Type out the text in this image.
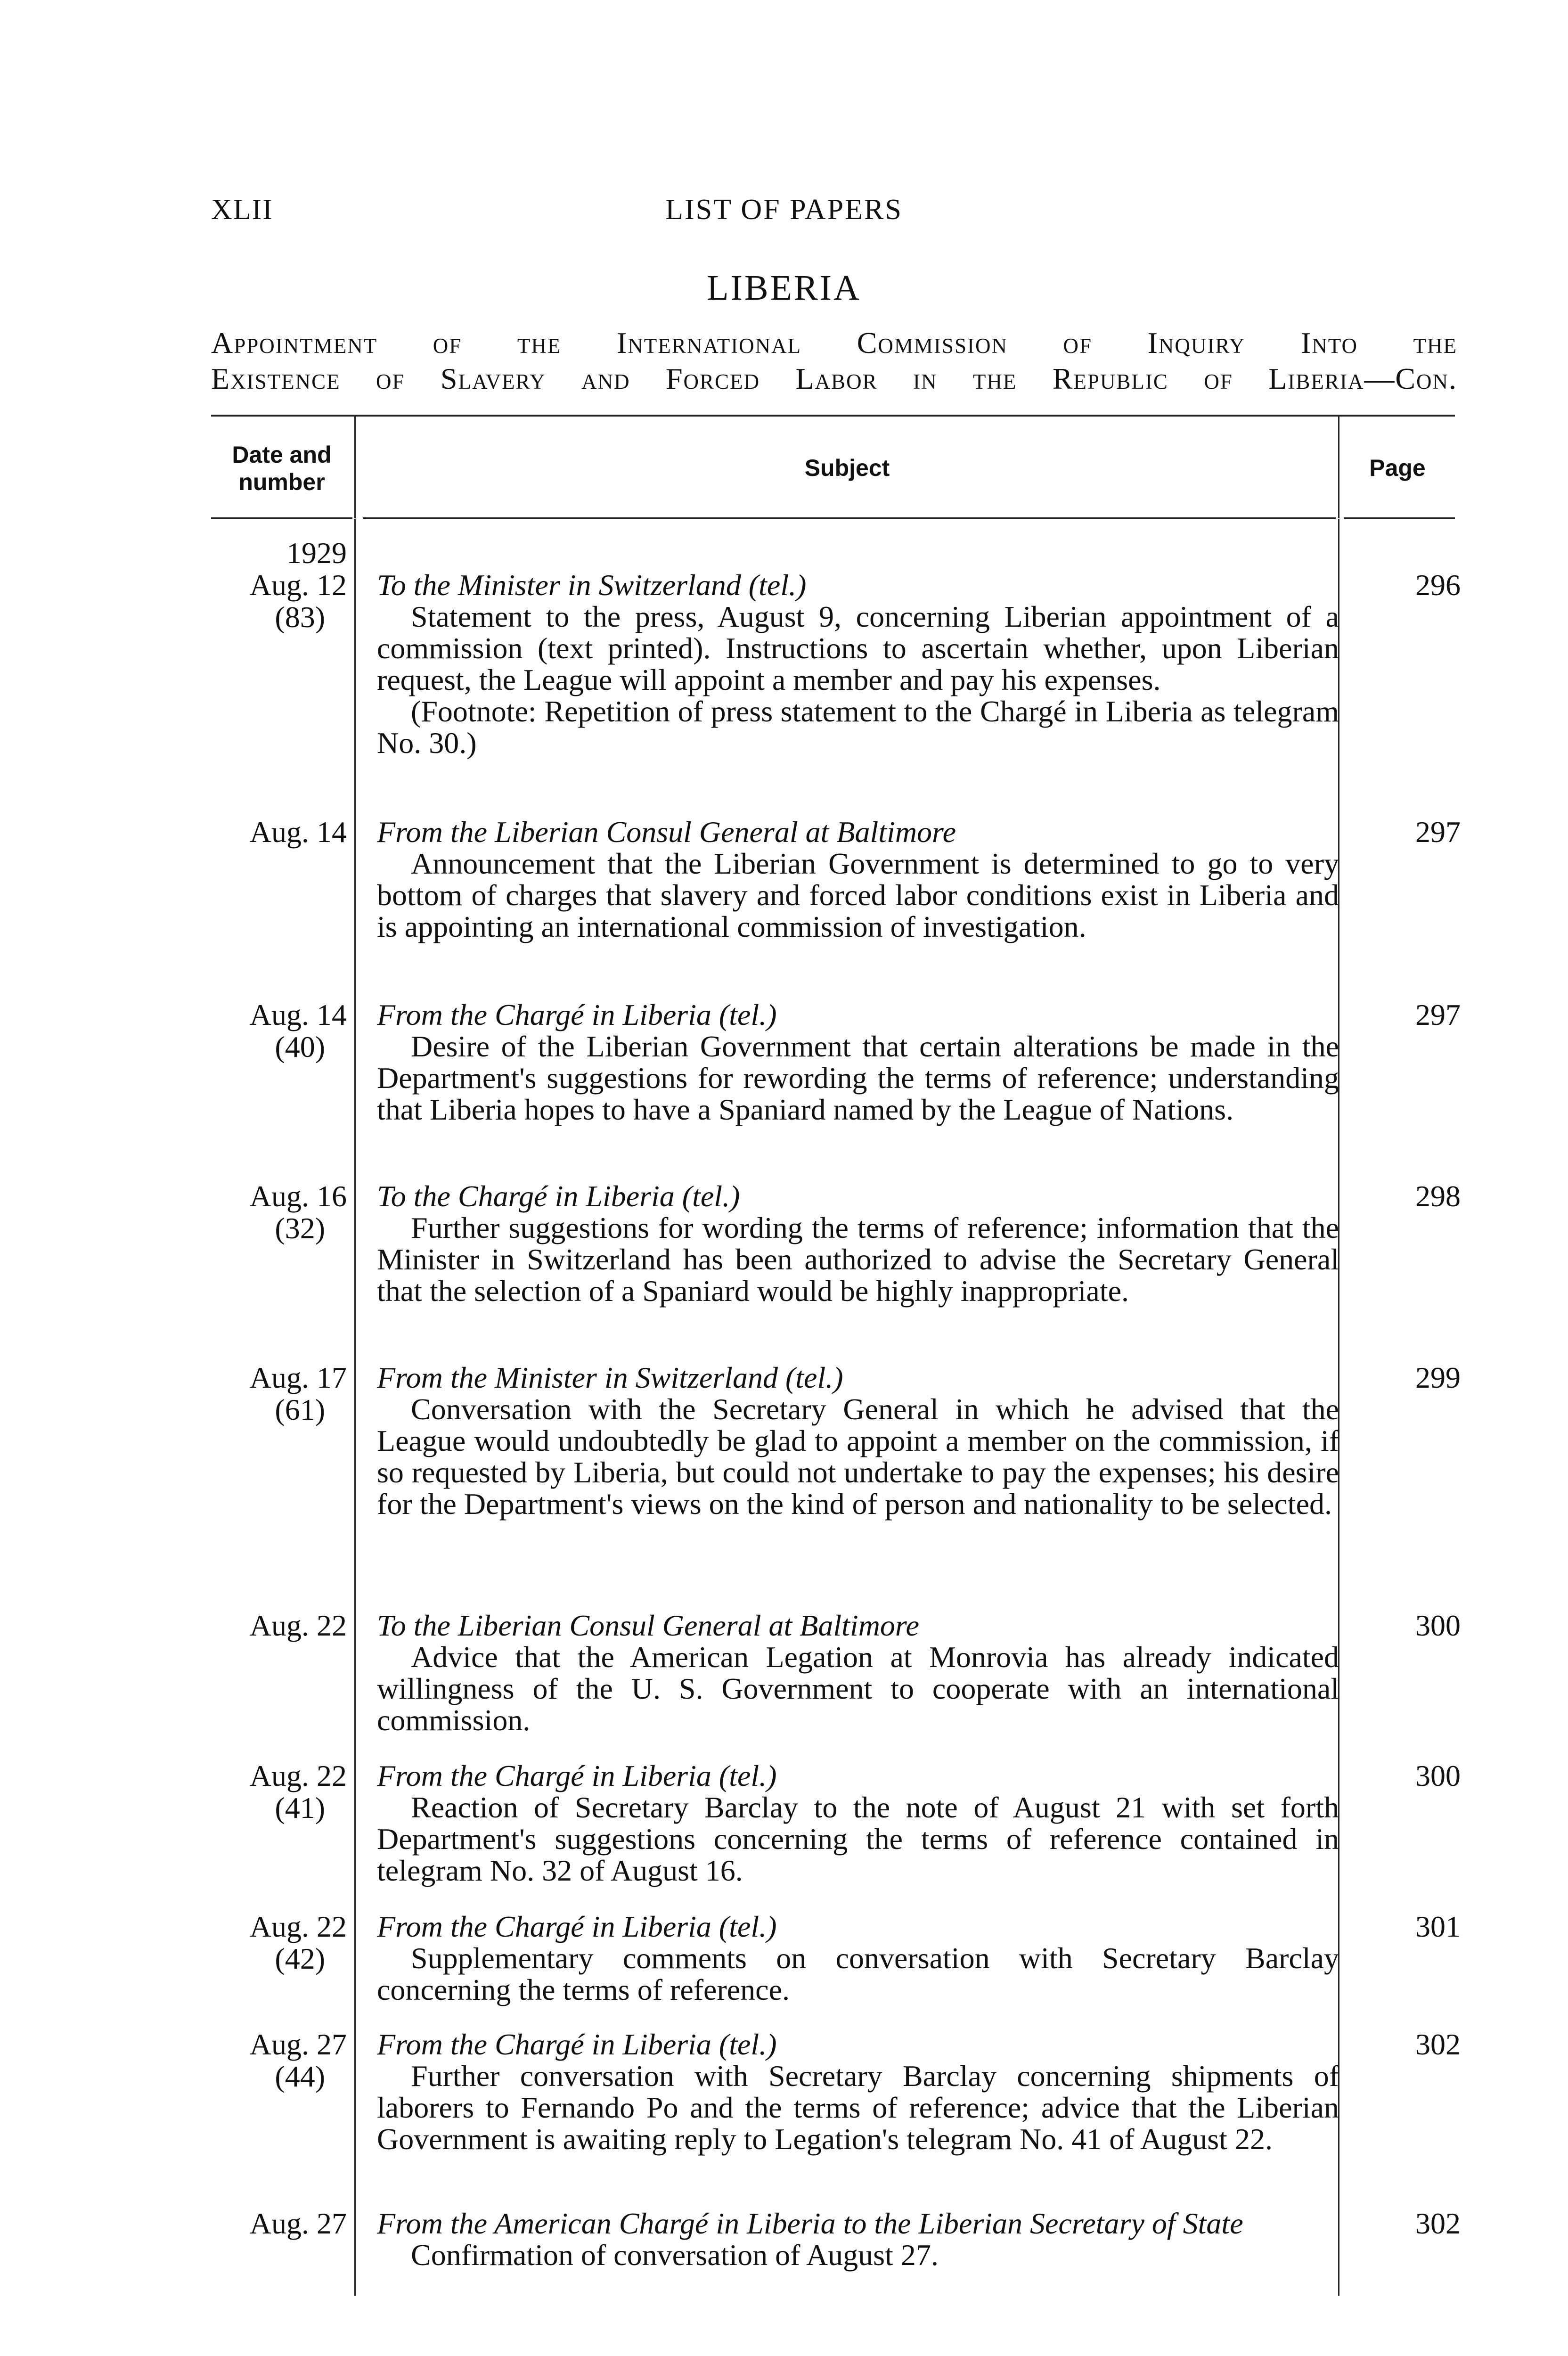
XLII	LIST OF PAPERS
LIBERIA
Appointment of the International Commission of Inquiry Into the
Existence of Slavery and Forced Labor in the Republic of Liberia—Con.
Date and
number
Subject	Page
1929
Aug. 12
(83)
To the Minister in Switzerland (tel.)
Statement to the press, August 9, concerning Liberian appointment of a commission (text printed). Instructions to ascertain whether, upon Liberian request, the League will appoint a member and pay his expenses.
(Footnote: Repetition of press statement to the Chargé in Liberia as telegram No. 30.)
296
Aug. 14 From the Liberian Consul General at Baltimore
Announcement that the Liberian Government is determined to go to very bottom of charges that slavery and forced labor conditions exist in Liberia and is appointing an international commission of investigation.
297
Aug. 14
(40)
From the Chargé in Liberia (tel.)
Desire of the Liberian Government that certain alterations be made in the Department's suggestions for rewording the terms of reference; understanding that Liberia hopes to have a Spaniard named by the League of Nations.
297
Aug. 16
(32)
To the Chargé in Liberia (tel.)
Further suggestions for wording the terms of reference; information that the Minister in Switzerland has been authorized to advise the Secretary General that the selection of a Spaniard would be highly inappropriate.
298
Aug. 17
(61)
From the Minister in Switzerland (tel.)
Conversation with the Secretary General in which he advised that the League would undoubtedly be glad to appoint a member on the commission, if so requested by Liberia, but could not undertake to pay the expenses; his desire for the Department's views on the kind of person and nationality to be selected.
299
Aug. 22 To the Liberian Consul General at Baltimore
Advice that the American Legation at Monrovia has already indicated willingness of the U. S. Government to cooperate with an international commission.
300
Aug. 22
(41)
From the Chargé in Liberia (tel.)
Reaction of Secretary Barclay to the note of August 21 with set forth Department's suggestions concerning the terms of reference contained in telegram No. 32 of August 16.
300
Aug. 22
(42)
From the Chargé in Liberia (tel.)
Supplementary comments on conversation with Secretary Barclay concerning the terms of reference.
301
Aug. 27
(44)
From the Chargé in Liberia (tel.)
Further conversation with Secretary Barclay concerning shipments of laborers to Fernando Po and the terms of reference; advice that the Liberian Government is awaiting reply to Legation's telegram No. 41 of August 22.
302
Aug. 27 From the American Chargé in Liberia to the Liberian Secretary of State
Confirmation of conversation of August 27.
302
